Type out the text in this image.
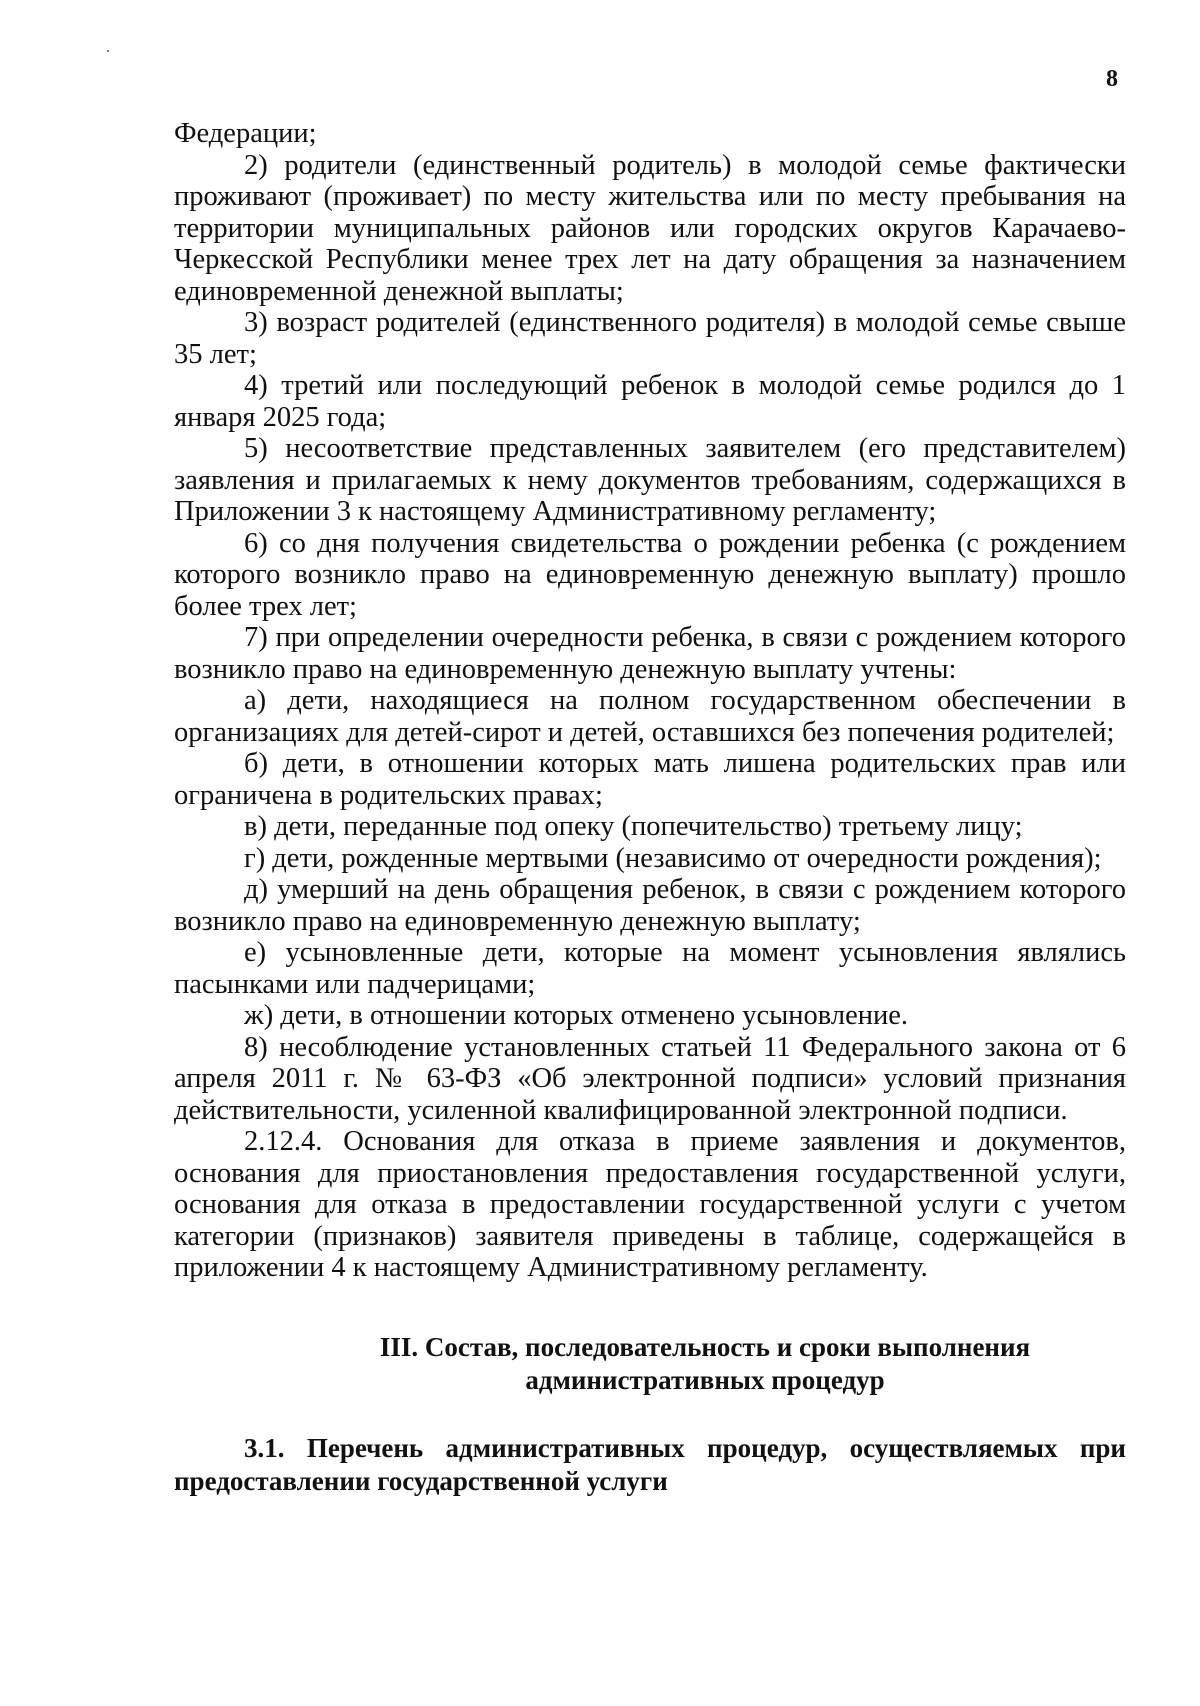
8

Федерации;

2) родители (единственный родитель) в молодой семье фактически проживают (проживает) по месту жительства или по месту пребывания на территории муниципальных районов или городских округов Карачаево-Черкесской Республики менее трех лет на дату обращения за назначением единовременной денежной выплаты;

3) возраст родителей (единственного родителя) в молодой семье свыше 35 лет;

4) третий или последующий ребенок в молодой семье родился до 1 января 2025 года;

5) несоответствие представленных заявителем (его представителем) заявления и прилагаемых к нему документов требованиям, содержащихся в Приложении 3 к настоящему Административному регламенту;

6) со дня получения свидетельства о рождении ребенка (с рождением которого возникло право на единовременную денежную выплату) прошло более трех лет;

7) при определении очередности ребенка, в связи с рождением которого возникло право на единовременную денежную выплату учтены:

а) дети, находящиеся на полном государственном обеспечении в организациях для детей-сирот и детей, оставшихся без попечения родителей;

б) дети, в отношении которых мать лишена родительских прав или ограничена в родительских правах;

в) дети, переданные под опеку (попечительство) третьему лицу;

г) дети, рожденные мертвыми (независимо от очередности рождения);

д) умерший на день обращения ребенок, в связи с рождением которого возникло право на единовременную денежную выплату;

е) усыновленные дети, которые на момент усыновления являлись пасынками или падчерицами;

ж) дети, в отношении которых отменено усыновление.

8) несоблюдение установленных статьей 11 Федерального закона от 6 апреля 2011 г. № 63-ФЗ «Об электронной подписи» условий признания действительности, усиленной квалифицированной электронной подписи.

2.12.4. Основания для отказа в приеме заявления и документов, основания для приостановления предоставления государственной услуги, основания для отказа в предоставлении государственной услуги с учетом категории (признаков) заявителя приведены в таблице, содержащейся в приложении 4 к настоящему Административному регламенту.

III. Состав, последовательность и сроки выполнения
административных процедур

3.1. Перечень административных процедур, осуществляемых при предоставлении государственной услуги
